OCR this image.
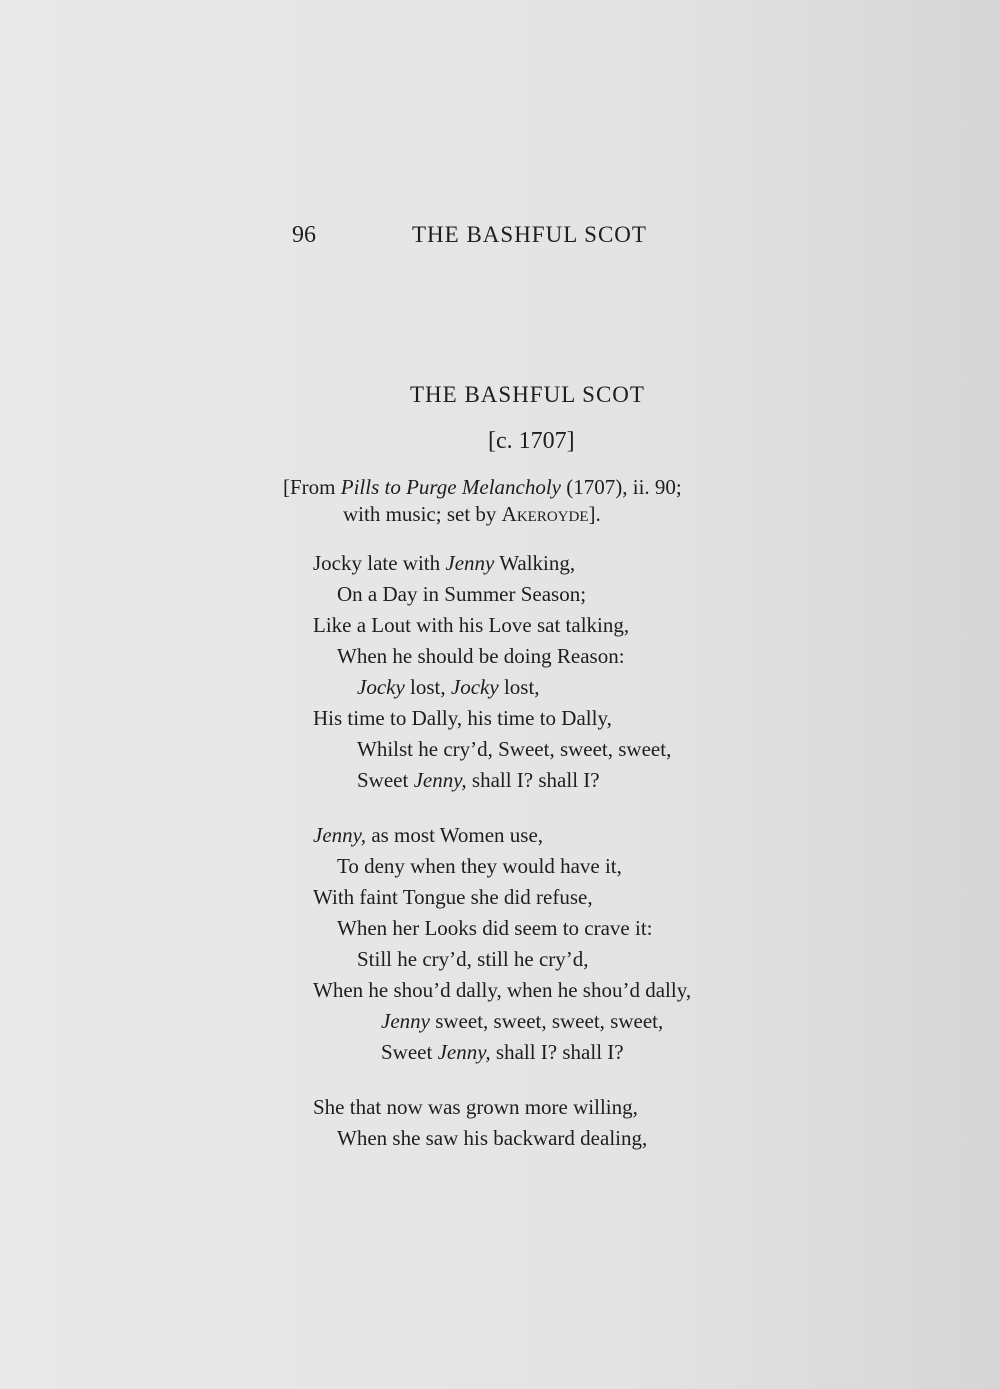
96	THE BASHFUL SCOT
THE BASHFUL SCOT
[c. 1707]
[From Pills to Purge Melancholy (1707), ii. 90;
with music; set by Akeroyde].
Jocky late with Jenny Walking,
On a Day in Summer Season;
Like a Lout with his Love sat talking,
When he should be doing Reason:
Jocky lost, Jocky lost,
His time to Dally, his time to Dally,
Whilst he cry’d, Sweet, sweet, sweet,
Sweet Jenny, shall I? shall I?
Jenny, as most Women use,
To deny when they would have it,
With faint Tongue she did refuse,
When her Looks did seem to crave it:
Still he cry’d, still he cry’d,
When he shou’d dally, when he shou’d dally,
Jenny sweet, sweet, sweet, sweet,
Sweet Jenny, shall I? shall I?
She that now was grown more willing,
When she saw his backward dealing,
